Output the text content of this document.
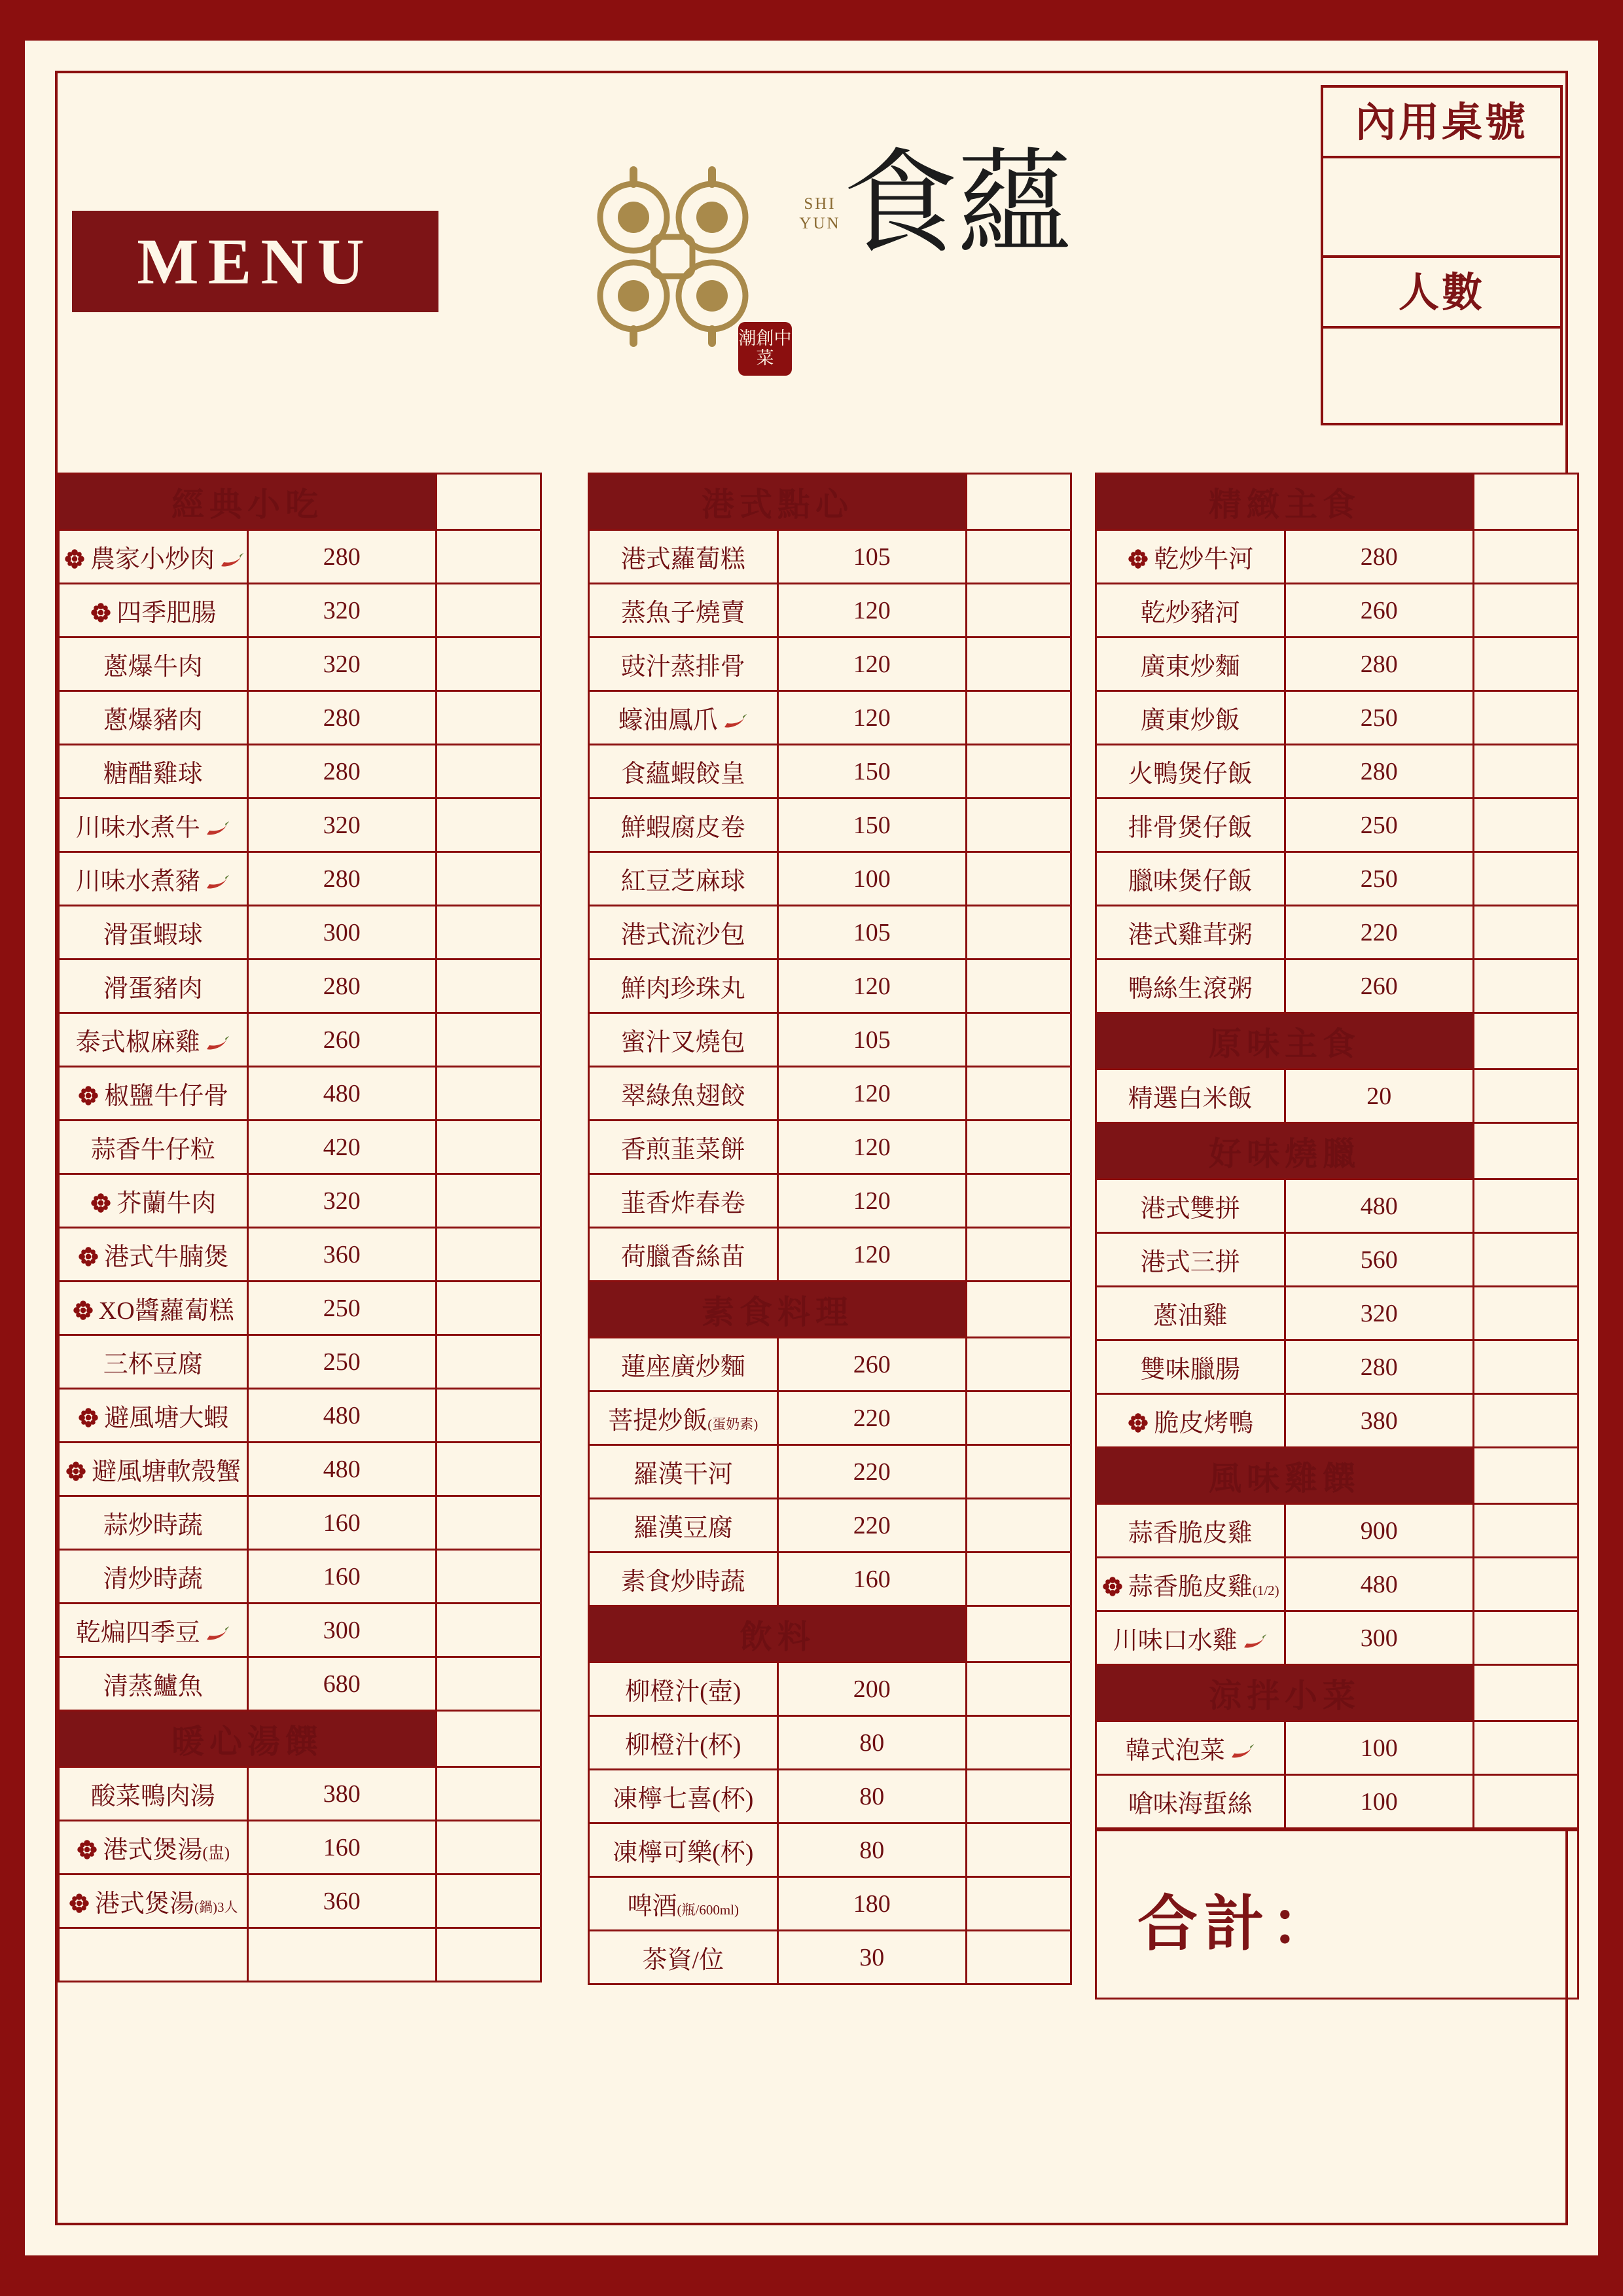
MENU
SHI YUN 食蘊
潮創中菜
內用桌號
人數
經典小吃		
農家小炒肉	280	
四季肥腸	320	
蔥爆牛肉	320	
蔥爆豬肉	280	
糖醋雞球	280	
川味水煮牛	320	
川味水煮豬	280	
滑蛋蝦球	300	
滑蛋豬肉	280	
泰式椒麻雞	260	
椒鹽牛仔骨	480	
蒜香牛仔粒	420	
芥蘭牛肉	320	
港式牛腩煲	360	
XO醬蘿蔔糕	250	
三杯豆腐	250	
避風塘大蝦	480	
避風塘軟殼蟹	480	
蒜炒時蔬	160	
清炒時蔬	160	
乾煸四季豆	300	
清蒸鱸魚	680	
暖心湯饌		
酸菜鴨肉湯	380	
港式煲湯(盅)	160	
港式煲湯(鍋)3人	360	

港式點心		
港式蘿蔔糕	105	
蒸魚子燒賣	120	
豉汁蒸排骨	120	
蠔油鳳爪	120	
食蘊蝦餃皇	150	
鮮蝦腐皮卷	150	
紅豆芝麻球	100	
港式流沙包	105	
鮮肉珍珠丸	120	
蜜汁叉燒包	105	
翠綠魚翅餃	120	
香煎韮菜餅	120	
韮香炸春卷	120	
荷臘香絲苗	120	
素食料理		
蓮座廣炒麵	260	
菩提炒飯(蛋奶素)	220	
羅漢干河	220	
羅漢豆腐	220	
素食炒時蔬	160	
飲料		
柳橙汁(壺)	200	
柳橙汁(杯)	80	
凍檸七喜(杯)	80	
凍檸可樂(杯)	80	
啤酒(瓶/600ml)	180	
茶資/位	30	
精緻主食		
乾炒牛河	280	
乾炒豬河	260	
廣東炒麵	280	
廣東炒飯	250	
火鴨煲仔飯	280	
排骨煲仔飯	250	
臘味煲仔飯	250	
港式雞茸粥	220	
鴨絲生滾粥	260	
原味主食		
精選白米飯	20	
好味燒臘		
港式雙拼	480	
港式三拼	560	
蔥油雞	320	
雙味臘腸	280	
脆皮烤鴨	380	
風味雞饌		
蒜香脆皮雞	900	
蒜香脆皮雞(1/2)	480	
川味口水雞	300	
涼拌小菜		
韓式泡菜	100	
嗆味海蜇絲	100	
合計：
